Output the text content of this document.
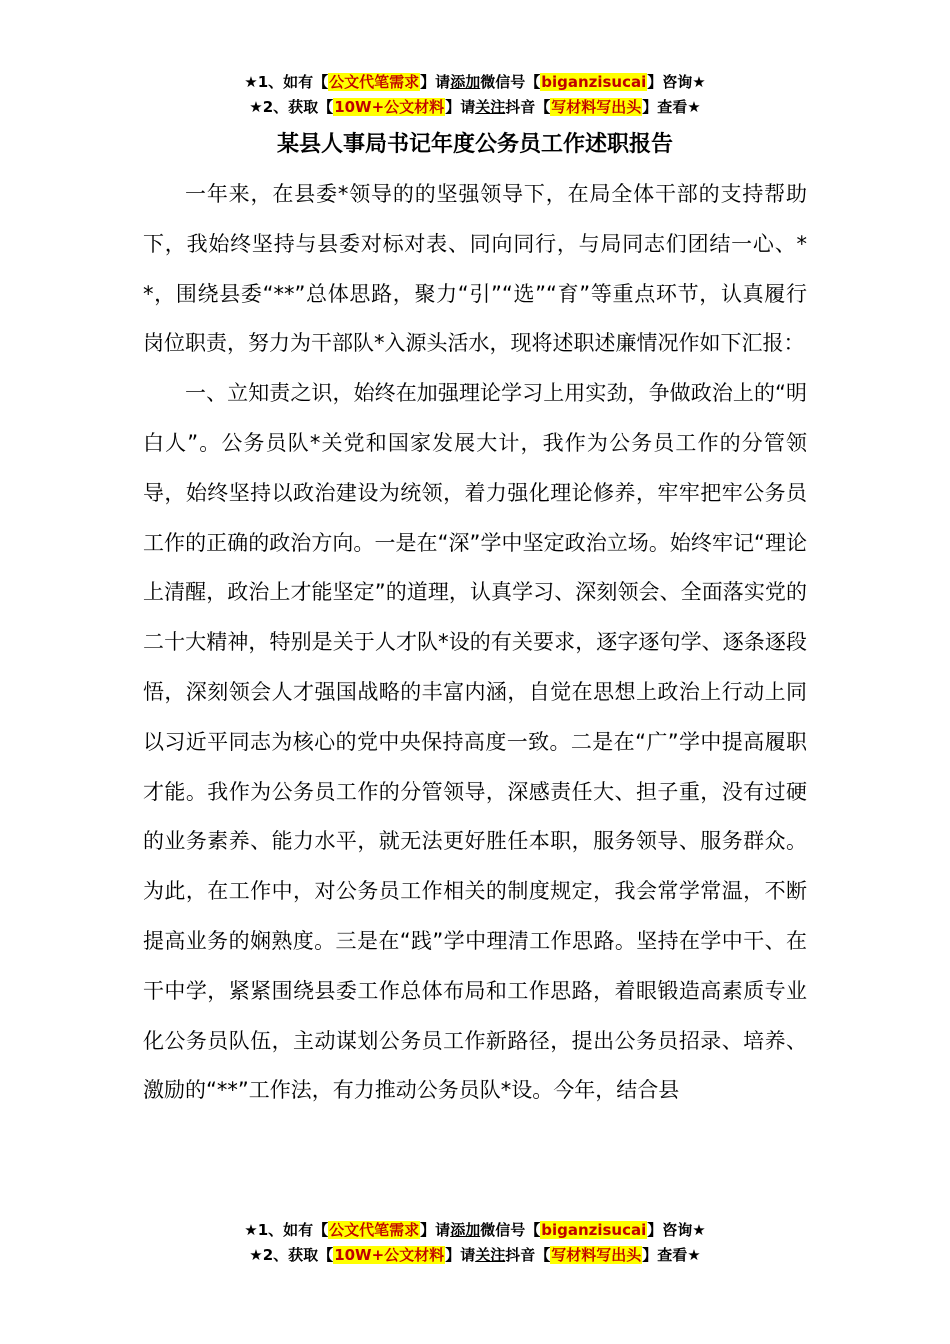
★1、如有【公文代笔需求】请添加微信号【biganzisucai】咨询★
★2、获取【10W+公文材料】请关注抖音【写材料写出头】查看★
某县人事局书记年度公务员工作述职报告

一年来，在县委*领导的的坚强领导下，在局全体干部的支持帮助下，我始终坚持与县委对标对表、同向同行，与局同志们团结一心、**，围绕县委“**”总体思路，聚力“引”“选”“育”等重点环节，认真履行岗位职责，努力为干部队*入源头活水，现将述职述廉情况作如下汇报：

一、立知责之识，始终在加强理论学习上用实劲，争做政治上的“明白人”。公务员队*关党和国家发展大计，我作为公务员工作的分管领导，始终坚持以政治建设为统领，着力强化理论修养，牢牢把牢公务员工作的正确的政治方向。一是在“深”学中坚定政治立场。始终牢记“理论上清醒，政治上才能坚定”的道理，认真学习、深刻领会、全面落实党的二十大精神，特别是关于人才队*设的有关要求，逐字逐句学、逐条逐段悟，深刻领会人才强国战略的丰富内涵，自觉在思想上政治上行动上同以习近平同志为核心的党中央保持高度一致。二是在“广”学中提高履职才能。我作为公务员工作的分管领导，深感责任大、担子重，没有过硬的业务素养、能力水平，就无法更好胜任本职，服务领导、服务群众。为此，在工作中，对公务员工作相关的制度规定，我会常学常温，不断提高业务的娴熟度。三是在“践”学中理清工作思路。坚持在学中干、在干中学，紧紧围绕县委工作总体布局和工作思路，着眼锻造高素质专业化公务员队伍，主动谋划公务员工作新路径，提出公务员招录、培养、激励的“**”工作法，有力推动公务员队*设。今年，结合县

★1、如有【公文代笔需求】请添加微信号【biganzisucai】咨询★
★2、获取【10W+公文材料】请关注抖音【写材料写出头】查看★
